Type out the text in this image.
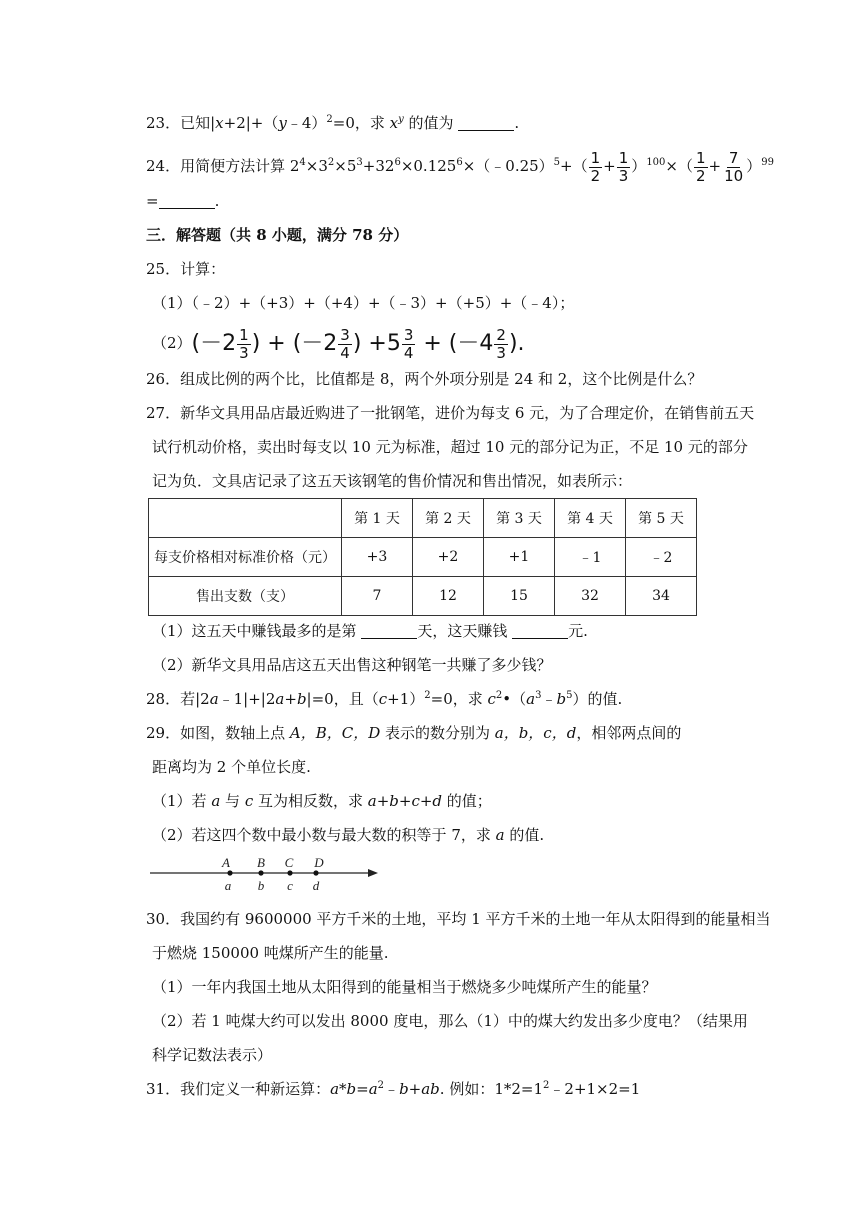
23．已知|x+2|+（y﹣4）$^2$=0，求 $x^y$ 的值为	.
24．用简便方法计算 $2^4\times 3^2\times 5^3+32^6\times 0.125^6\times(﹣0.25)^5+( \frac{1}{2} + \frac{1}{3} )^{100}\times( \frac{1}{2} + \frac{7}{10} )^{99}$
=	.
三．解答题（共 8 小题，满分 78 分）
25．计算：
（1）（﹣2）+（+3）+（+4）+（﹣3）+（+5）+（﹣4）；
$(2)(-2 \frac{1}{3}$ ) + ($-2 \frac{3}{4}$ ) $+5 \frac{3}{4} + (-4 \frac{2}{3}$ ).
26．组成比例的两个比，比值都是 8，两个外项分别是 24 和 2，这个比例是什么？
27．新华文具用品店最近购进了一批钢笔，进价为每支 6 元，为了合理定价，在销售前五天
试行机动价格，卖出时每支以 10 元为标准，超过 10 元的部分记为正，不足 10 元的部分
记为负．文具店记录了这五天该钢笔的售价情况和售出情况，如表所示：
	第 1 天	第 2 天	第 3 天	第 4 天	第 5 天
每支价格相对标准价格（元）	+3	+2	+1	﹣1	﹣2
售出支数（支）	7	12	15	32	34
（1）这五天中赚钱最多的是第	天，这天赚钱	元.
（2）新华文具用品店这五天出售这种钢笔一共赚了多少钱？
28．若|2a﹣1|+|2a+b|=0，且$(c+1)^2=0$，求 $c^2•(a^3﹣b^5)$的值.
29．如图，数轴上点 A，B，C，D 表示的数分别为 a，b，c，d，相邻两点间的
距离均为 2 个单位长度.
（1）若 a 与 c 互为相反数，求 a+b+c+d 的值；
（2）若这四个数中最小数与最大数的积等于 7，求 a 的值.
A B C D
a b c d
30．我国约有 9600000 平方千米的土地，平均 1 平方千米的土地一年从太阳得到的能量相当
于燃烧 150000 吨煤所产生的能量.
（1）一年内我国土地从太阳得到的能量相当于燃烧多少吨煤所产生的能量？
（2）若 1 吨煤大约可以发出 8000 度电，那么（1）中的煤大约发出多少度电？（结果用
科学记数法表示）
31．我们定义一种新运算：$a*b=a^2﹣b+ab$. 例如：$1*2=1^2﹣2+1\times 2=1$
